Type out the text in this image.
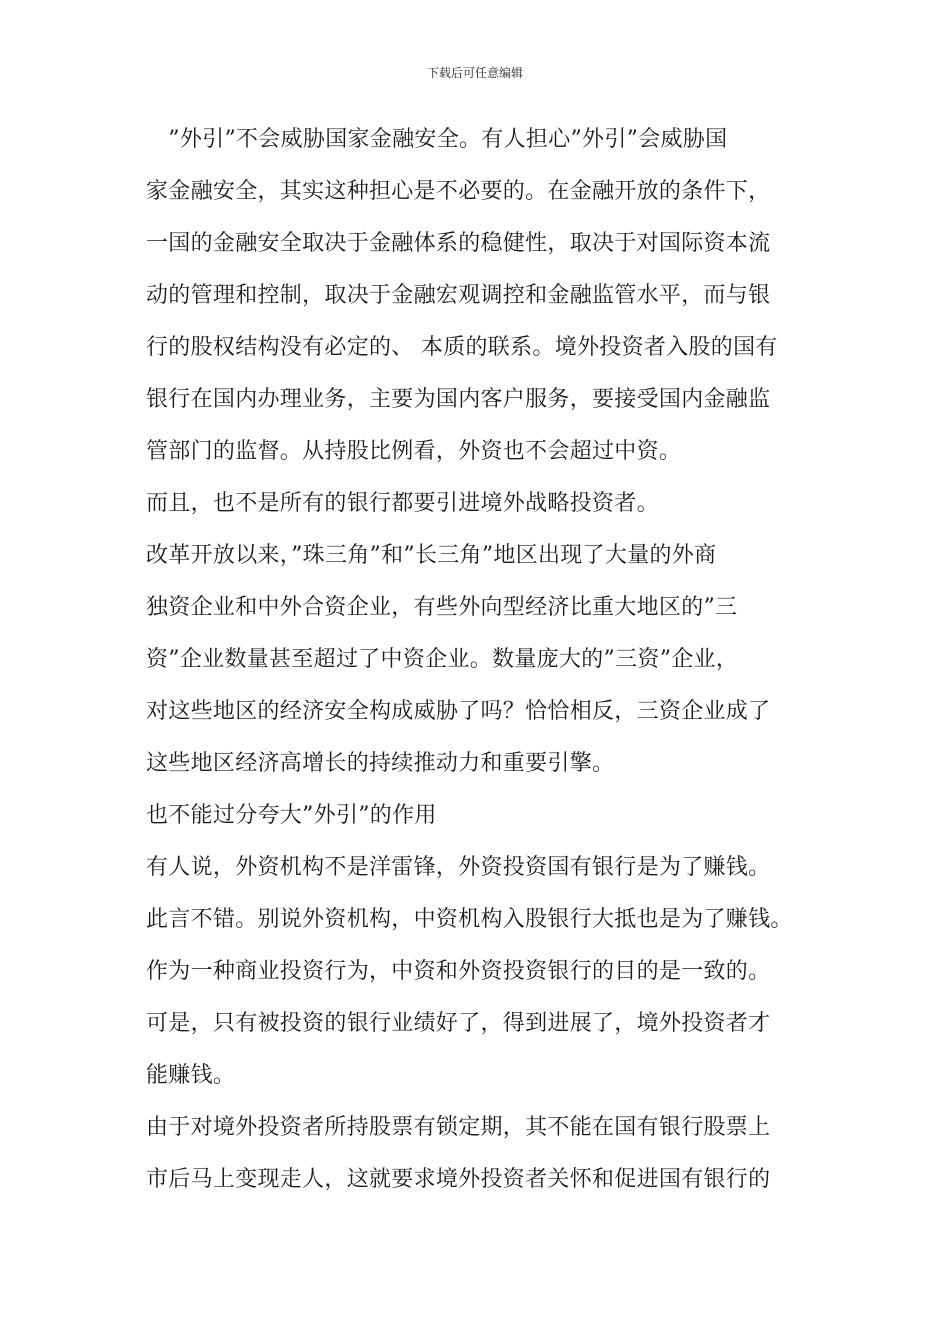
下载后可任意编辑
　”外引”不会威胁国家金融安全。有人担心”外引”会威胁国
家金融安全，其实这种担心是不必要的。在金融开放的条件下，
一国的金融安全取决于金融体系的稳健性，取决于对国际资本流
动的管理和控制，取决于金融宏观调控和金融监管水平，而与银
行的股权结构没有必定的、 本质的联系。境外投资者入股的国有
银行在国内办理业务，主要为国内客户服务，要接受国内金融监
管部门的监督。从持股比例看，外资也不会超过中资。
而且，也不是所有的银行都要引进境外战略投资者。
改革开放以来，”珠三角”和”长三角”地区出现了大量的外商
独资企业和中外合资企业，有些外向型经济比重大地区的”三
资”企业数量甚至超过了中资企业。数量庞大的”三资”企业，
对这些地区的经济安全构成威胁了吗？恰恰相反，三资企业成了
这些地区经济高增长的持续推动力和重要引擎。
也不能过分夸大”外引”的作用
有人说，外资机构不是洋雷锋，外资投资国有银行是为了赚钱。
此言不错。别说外资机构，中资机构入股银行大抵也是为了赚钱。
作为一种商业投资行为，中资和外资投资银行的目的是一致的。
可是，只有被投资的银行业绩好了，得到进展了，境外投资者才
能赚钱。
由于对境外投资者所持股票有锁定期，其不能在国有银行股票上
市后马上变现走人，这就要求境外投资者关怀和促进国有银行的
